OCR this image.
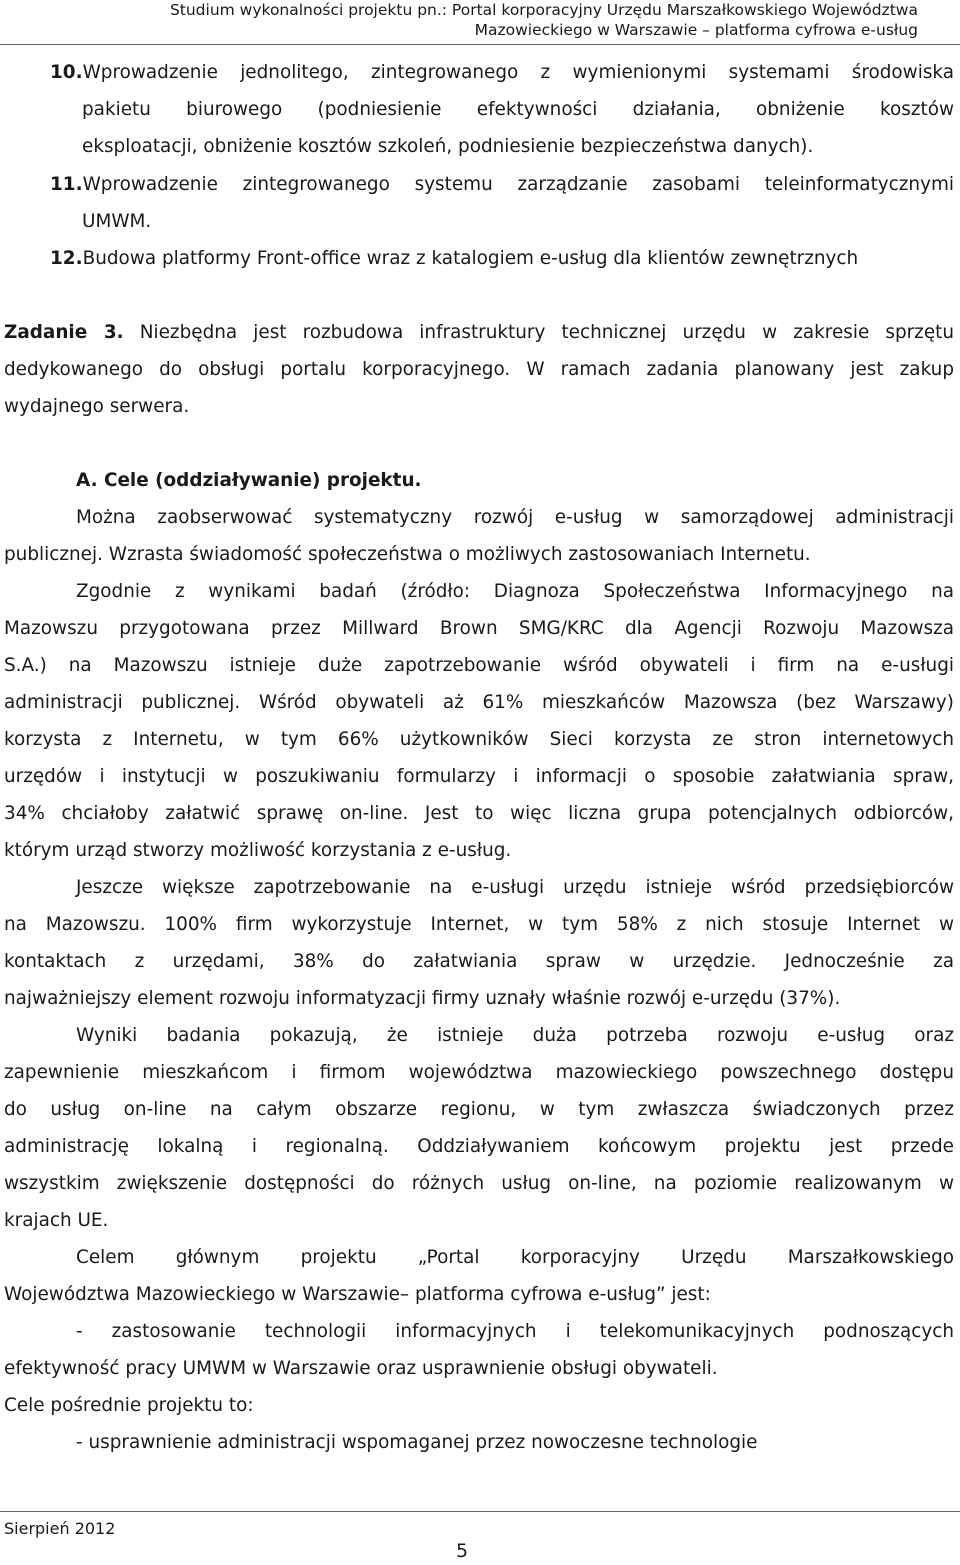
Studium wykonalności projektu pn.: Portal korporacyjny Urzędu Marszałkowskiego Województwa
Mazowieckiego w Warszawie – platforma cyfrowa e-usług
10.Wprowadzenie jednolitego, zintegrowanego z wymienionymi systemami środowiska
pakietu biurowego (podniesienie efektywności działania, obniżenie kosztów
eksploatacji, obniżenie kosztów szkoleń, podniesienie bezpieczeństwa danych).
11.Wprowadzenie zintegrowanego systemu zarządzanie zasobami teleinformatycznymi
UMWM.
12.Budowa platformy Front-office wraz z katalogiem e-usług dla klientów zewnętrznych
Zadanie 3. Niezbędna jest rozbudowa infrastruktury technicznej urzędu w zakresie sprzętu
dedykowanego do obsługi portalu korporacyjnego. W ramach zadania planowany jest zakup
wydajnego serwera.
A. Cele (oddziaływanie) projektu.
Można zaobserwować systematyczny rozwój e-usług w samorządowej administracji
publicznej. Wzrasta świadomość społeczeństwa o możliwych zastosowaniach Internetu.
Zgodnie z wynikami badań (źródło: Diagnoza Społeczeństwa Informacyjnego na
Mazowszu przygotowana przez Millward Brown SMG/KRC dla Agencji Rozwoju Mazowsza
S.A.) na Mazowszu istnieje duże zapotrzebowanie wśród obywateli i firm na e-usługi
administracji publicznej. Wśród obywateli aż 61% mieszkańców Mazowsza (bez Warszawy)
korzysta z Internetu, w tym 66% użytkowników Sieci korzysta ze stron internetowych
urzędów i instytucji w poszukiwaniu formularzy i informacji o sposobie załatwiania spraw,
34% chciałoby załatwić sprawę on-line. Jest to więc liczna grupa potencjalnych odbiorców,
którym urząd stworzy możliwość korzystania z e-usług.
Jeszcze większe zapotrzebowanie na e-usługi urzędu istnieje wśród przedsiębiorców
na Mazowszu. 100% firm wykorzystuje Internet, w tym 58% z nich stosuje Internet w
kontaktach z urzędami, 38% do załatwiania spraw w urzędzie. Jednocześnie za
najważniejszy element rozwoju informatyzacji firmy uznały właśnie rozwój e-urzędu (37%).
Wyniki badania pokazują, że istnieje duża potrzeba rozwoju e-usług oraz
zapewnienie mieszkańcom i firmom województwa mazowieckiego powszechnego dostępu
do usług on-line na całym obszarze regionu, w tym zwłaszcza świadczonych przez
administrację lokalną i regionalną. Oddziaływaniem końcowym projektu jest przede
wszystkim zwiększenie dostępności do różnych usług on-line, na poziomie realizowanym w
krajach UE.
Celem głównym projektu „Portal korporacyjny Urzędu Marszałkowskiego
Województwa Mazowieckiego w Warszawie– platforma cyfrowa e-usług” jest:
- zastosowanie technologii informacyjnych i telekomunikacyjnych podnoszących
efektywność pracy UMWM w Warszawie oraz usprawnienie obsługi obywateli.
Cele pośrednie projektu to:
- usprawnienie administracji wspomaganej przez nowoczesne technologie
Sierpień 2012
5
